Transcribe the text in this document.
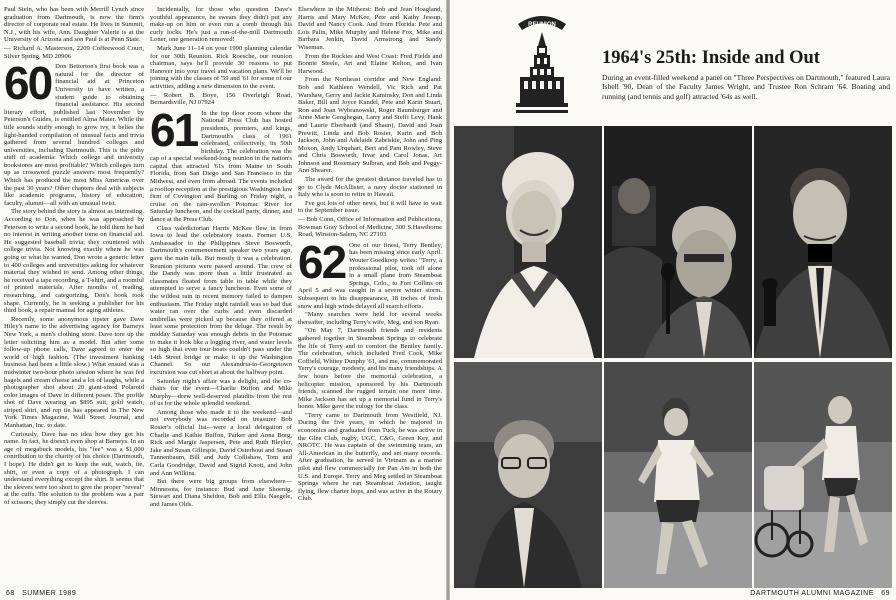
Paul Stein, who has been with Merrill Lynch since graduation from Dartmouth, is now the firm's director of corporate real estate. He lives in Summit, N.J., with his wife, Ann. Daughter Valerie is at the University of Arizona and son Paul is at Penn State.

— Richard A. Masterson, 2209 Coffeewood Court, Silver Spring, MD 20906

60 Don Betterton's first book was a natural for the director of financial aid at Princeton University to have written, a student guide to obtaining financial assistance. His second literary effort, published last November by Peterson's Guides, is entitled Alma Mater. While the title sounds stuffy enough to grow ivy, it belies the light-handed compilation of unusual facts and trivia gathered from several hundred colleges and universities, including Dartmouth. This is the pithy stuff of academia: Which college and university bookstores are most profitable? Which colleges turn up as crossword puzzle answers most frequently? Which has produced the most Miss Americas over the past 30 years? Other chapters deal with subjects like academic programs, history of education, faculty, alumni—all with an unusual twist.

The story behind the story is almost as interesting. According to Don, when he was approached by Peterson to write a second book, he told them he had no interest in writing another tome on financial aid. He suggested baseball trivia; they countered with college trivia. Not knowing exactly where he was going or what he wanted, Don wrote a generic letter to 400 colleges and universities asking for whatever material they wished to send. Among other things, he received a tape recording, a T-shirt, and a roomful of printed materials. After months of reading, researching, and categorizing, Don's book took shape. Currently, he is seeking a publisher for his third book, a repair manual for aging athletes.

Recently, some anonymous tipster gave Dave Hiley's name to the advertising agency for Barneys New York, a men's clothing store. Dave tore up the letter soliciting him as a model. But after some follow-up phone calls, Dave agreed to enter the world of high fashion. (The investment banking business had been a little slow.) What ensued was a midwinter two-hour photo session where he was fed bagels and cream cheese and a lot of laughs, while a photographer shot about 20 giant-sized Polaroid color images of Dave in different poses. The profile shot of Dave wearing an $895 suit, gold watch, striped shirt, and rep tie has appeared in The New York Times Magazine, Wall Street Journal, and Manhattan, Inc. to date.

Curiously, Dave has no idea how they got his name. In fact, he doesn't even shop at Barneys. In an age of megabuck models, his "fee" was a $1,000 contribution to the charity of his choice (Dartmouth, I hope). He didn't get to keep the suit, watch, tie, shirt, or even a copy of a photograph. I can understand everything except the shirt. It seems that the sleeves were too short to give the proper "reveal" at the cuffs. The solution to the problem was a pair of scissors; they simply cut the sleeves.

Incidentally, for those who question Dave's youthful appearance, he swears they didn't put any make-up on him or even run a comb through his curly locks. He's just a run-of-the-mill Dartmouth Loner, one generation removed!

Mark June 11–14 on your 1990 planning calendar for our 30th Reunion. Rick Roesche, our reunion chairman, says he'll provide 30 reasons to put Hanover into your travel and vacation plans. We'll be joining with the classes of '59 and '61 for some of our activities, adding a new dimension to the event.

— Robert B. Boye, 156 Overleigh Road, Bernardsville, NJ 07924

61 In the top floor room where the National Press Club has hosted presidents, premiers, and kings, Dartmouth's class of 1961 celebrated, collectively, its 50th birthday. The celebration was the cap of a special weekend-long reunion in the nation's capital that attracted '61s from Maine to South Florida, from San Diego and San Francisco to the Midwest, and even from abroad. The events included a rooftop reception at the prestigious Washington law firm of Covington and Burling on Friday night, a cruise on the rain-swollen Potomac River for Saturday luncheon, and the cocktail party, dinner, and dance at the Press Club.

Class valedictorian Harris McKee flew in from Iowa to lead the celebratory toasts. Former U.S. Ambassador to the Philippines Steve Bosworth, Dartmouth's commencement speaker two years ago, gave the main talk. But mostly it was a celebration. Reunion pictures were passed around. The crew of the Dandy was more than a little frustrated as classmates floated from table to table while they attempted to serve a fancy luncheon. Even some of the wildest rain in recent memory failed to dampen enthusiasm. The Friday night rainfall was so bad that water ran over the curbs and even discarded umbrellas were picked up because they offered at least some protection from the deluge. The result by midday Saturday was enough debris in the Potomac to make it look like a logging river, and water levels so high that even tour boats couldn't pass under the 14th Street bridge or make it up the Washington Channel. So our Alexandria-to-Georgetown excursion was cut short at about the halfway point.

Saturday night's affair was a delight, and the co-chairs for the event—Charlie Buffon and Mike Murphy—drew well-deserved plaudits from the rest of us for the whole splendid weekend.

Among those who made it to the weekend—and not everybody was recorded on treasurer Bob Rosier's official list—were a local delegation of Charlie and Kathie Buffon, Parker and Anna Borg, Rick and Margie Jaspersen, Pete and Ruth Bleyler, Jake and Susan Gillespie, David Osterhout and Susan Tannenbaum, Bill and Judy Collishaw, Tom and Carla Goodridge, David and Sigrid Knott, and John and Ann Wilkins.

But there were big groups from elsewhere—Minnesota, for instance: Bud and Jane Shoenig, Stewart and Diana Sheldon, Bob and Ellis Naegele, and James Olds.

Elsewhere in the Midwest: Bob and Jean Hoagland, Harris and Mary McKee, Pete and Kathy Jessup, David and Nancy Cook. And from Florida: Pete and Lois Palin, Mike Murphy and Helene Fox, Mike and Barbara Jenkin, David Armstrong and Sandy Wiseman.

From the Rockies and West Coast: Fred Fields and Bonnie Steele, Art and Elaine Kelton, and Ivan Harwood.

From the Northeast corridor and New England: Bob and Kathleen Wendell, Vic Rich and Pat Warshaw, Gerry and Jackie Kaminsky, Don and Linda Baker, Bill and Joyce Kandel, Pete and Karin Stuart, Ron and Joan Wybranowski, Roger Baumburger and Anne Marie Geoghegan, Larry and Steffi Levy, Hank and Laurie Eberhardt (and Shaun), David and Joan Prewitt, Linda and Bob Rosier, Karin and Bob Jackson, John and Adelaide Zabriskie, John and Ping Moxon, Andy Urquhart, Bert and Pam Rowley, Steve and Chris Bosworth, Irvar and Carol Jonas, Art Johnson and Rosemary Sulbran, and Bob and Peggy-Ann Shearer.

The award for the greatest distance traveled has to go to Clyde McAllister, a navy doctor stationed in Italy who is soon to retire to Hawaii.

I've got lots of other news, but it will have to wait to the September issue.

— Bob Conn, Office of Information and Publications, Bowman Gray School of Medicine, 300 S.Hawthorne Road, Winston-Salem, NC 27103

62 One of our finest, Terry Bentley, has been missing since early April. Wouter Goedkoop writes: "Terry, a professional pilot, took off alone in a small plane from Steamboat Springs, Colo., to Fort Collins on April 5 and was caught in a severe winter storm. Subsequent to his disappearance, 18 inches of fresh snow and high winds delayed all search efforts.

"Many searches were held for several weeks thereafter, including Terry's wife, Meg, and son Ryan.

"On May 7, Dartmouth friends and residents gathered together in Steamboat Springs to celebrate the life of Terry and to comfort the Bentley family. The celebration, which included Fred Cook, Mike Coffield, Whitey Dunphy '61, and me, commemorated Terry's courage, modesty, and his many friendships. A few hours before the memorial celebration, a helicopter mission, sponsored by his Dartmouth friends, scanned the rugged terrain one more time. Mike Jackson has set up a memorial fund in Terry's honor. Mike gave the eulogy for the class.

"Terry came to Dartmouth from Westfield, NJ. During the five years, in which he majored in economics and graduated from Tuck, he was active in the Glee Club, rugby, UGC, C&G, Green Key, and NROTC. He was captain of the swimming team, an All-American in the butterfly, and set many records. After graduation, he served in Vietnam as a marine pilot and flew commercially for Pan Am in both the U.S. and Europe. Terry and Meg settled in Steamboat Springs where he ran Steamboat Aviation, taught flying, flew charter hops, and was active in the Rotary Club.

68 SUMMER 1989
REUNION
1964's 25th: Inside and Out
During an event-filled weekend a panel on "Three Perspectives on Dartmouth," featured Laura Isbell '90, Dean of the Faculty James Wright, and Trustee Ron Schram '64. Boating and running (and tennis and golf) attracted '64s as well.
DARTMOUTH ALUMNI MAGAZINE 69
